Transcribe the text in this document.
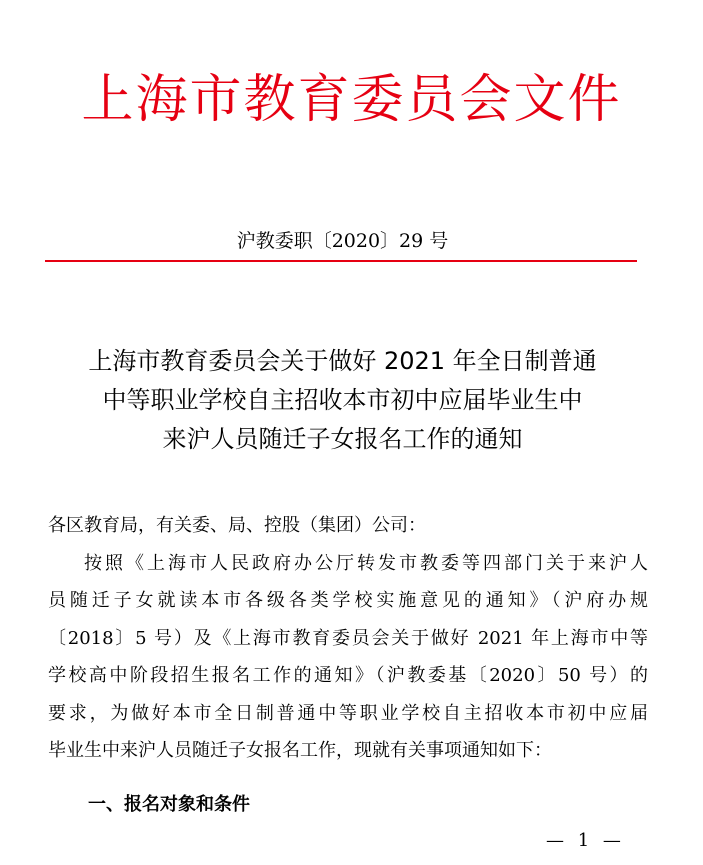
上海市教育委员会文件
沪教委职〔2020〕29 号
上海市教育委员会关于做好 2021 年全日制普通
中等职业学校自主招收本市初中应届毕业生中
来沪人员随迁子女报名工作的通知
各区教育局，有关委、局、控股（集团）公司：
按照《上海市人民政府办公厅转发市教委等四部门关于来沪人
员随迁子女就读本市各级各类学校实施意见的通知》（沪府办规
〔2018〕5 号）及《上海市教育委员会关于做好 2021 年上海市中等
学校高中阶段招生报名工作的通知》（沪教委基〔2020〕50 号）的
要求，为做好本市全日制普通中等职业学校自主招收本市初中应届
毕业生中来沪人员随迁子女报名工作，现就有关事项通知如下：
一、报名对象和条件
— 1 —
